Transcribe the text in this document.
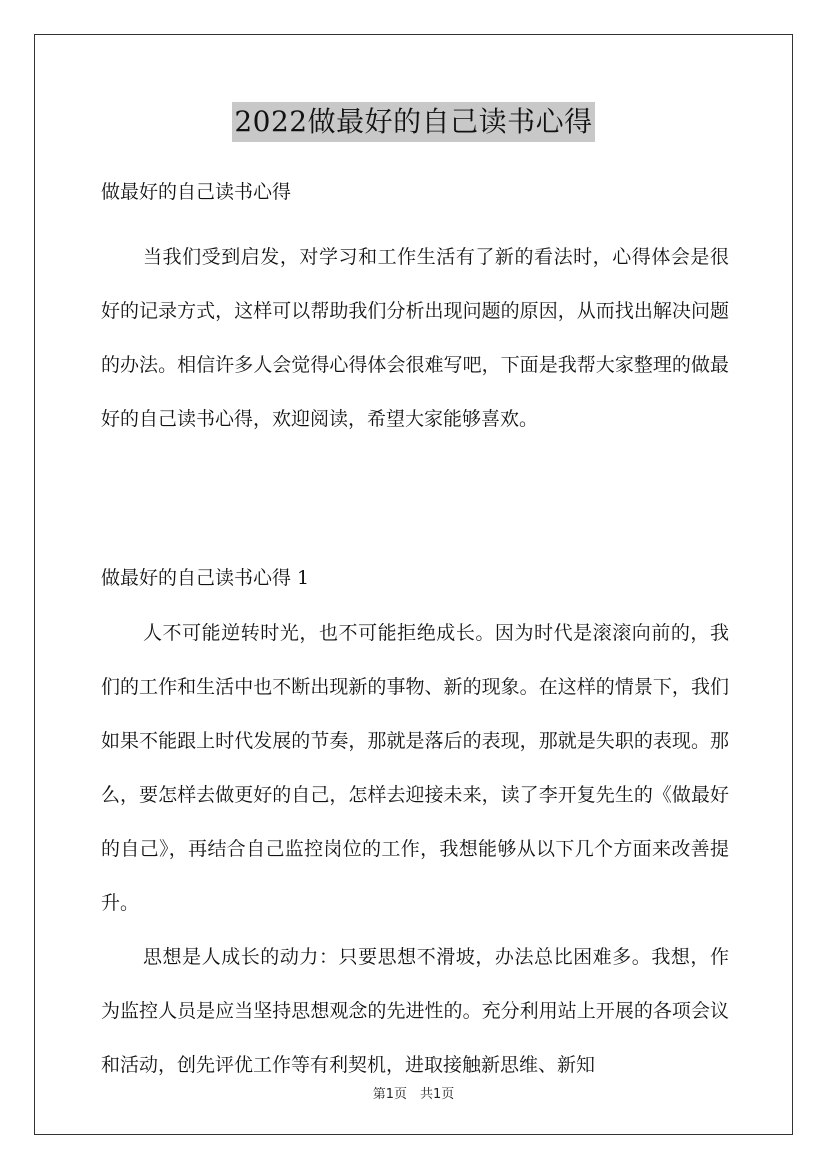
2022做最好的自己读书心得

做最好的自己读书心得

当我们受到启发，对学习和工作生活有了新的看法时，心得体会是很好的记录方式，这样可以帮助我们分析出现问题的原因，从而找出解决问题的办法。相信许多人会觉得心得体会很难写吧，下面是我帮大家整理的做最好的自己读书心得，欢迎阅读，希望大家能够喜欢。

做最好的自己读书心得 1

人不可能逆转时光，也不可能拒绝成长。因为时代是滚滚向前的，我们的工作和生活中也不断出现新的事物、新的现象。在这样的情景下，我们如果不能跟上时代发展的节奏，那就是落后的表现，那就是失职的表现。那么，要怎样去做更好的自己，怎样去迎接未来，读了李开复先生的《做最好的自己》，再结合自己监控岗位的工作，我想能够从以下几个方面来改善提升。

思想是人成长的动力：只要思想不滑坡，办法总比困难多。我想，作为监控人员是应当坚持思想观念的先进性的。充分利用站上开展的各项会议和活动，创先评优工作等有利契机，进取接触新思维、新知

第1页　共1页
